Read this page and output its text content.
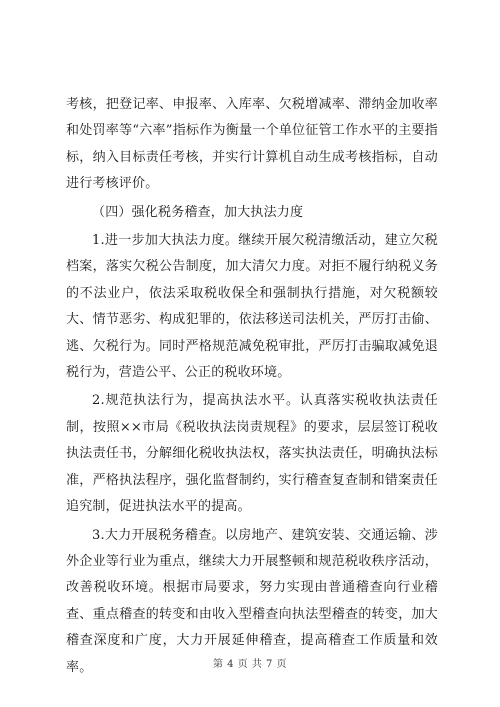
考核，把登记率、申报率、入库率、欠税增减率、滞纳金加收率和处罚率等“六率”指标作为衡量一个单位征管工作水平的主要指标，纳入目标责任考核，并实行计算机自动生成考核指标，自动进行考核评价。

（四）强化税务稽查，加大执法力度

1.进一步加大执法力度。继续开展欠税清缴活动，建立欠税档案，落实欠税公告制度，加大清欠力度。对拒不履行纳税义务的不法业户，依法采取税收保全和强制执行措施，对欠税额较大、情节恶劣、构成犯罪的，依法移送司法机关，严厉打击偷、逃、欠税行为。同时严格规范减免税审批，严厉打击骗取减免退税行为，营造公平、公正的税收环境。

2.规范执法行为，提高执法水平。认真落实税收执法责任制，按照××市局《税收执法岗责规程》的要求，层层签订税收执法责任书，分解细化税收执法权，落实执法责任，明确执法标准，严格执法程序，强化监督制约，实行稽查复查制和错案责任追究制，促进执法水平的提高。

3.大力开展税务稽查。以房地产、建筑安装、交通运输、涉外企业等行业为重点，继续大力开展整顿和规范税收秩序活动，改善税收环境。根据市局要求，努力实现由普通稽查向行业稽查、重点稽查的转变和由收入型稽查向执法型稽查的转变，加大稽查深度和广度，大力开展延伸稽查，提高稽查工作质量和效率。	第 4 页 共 7 页
